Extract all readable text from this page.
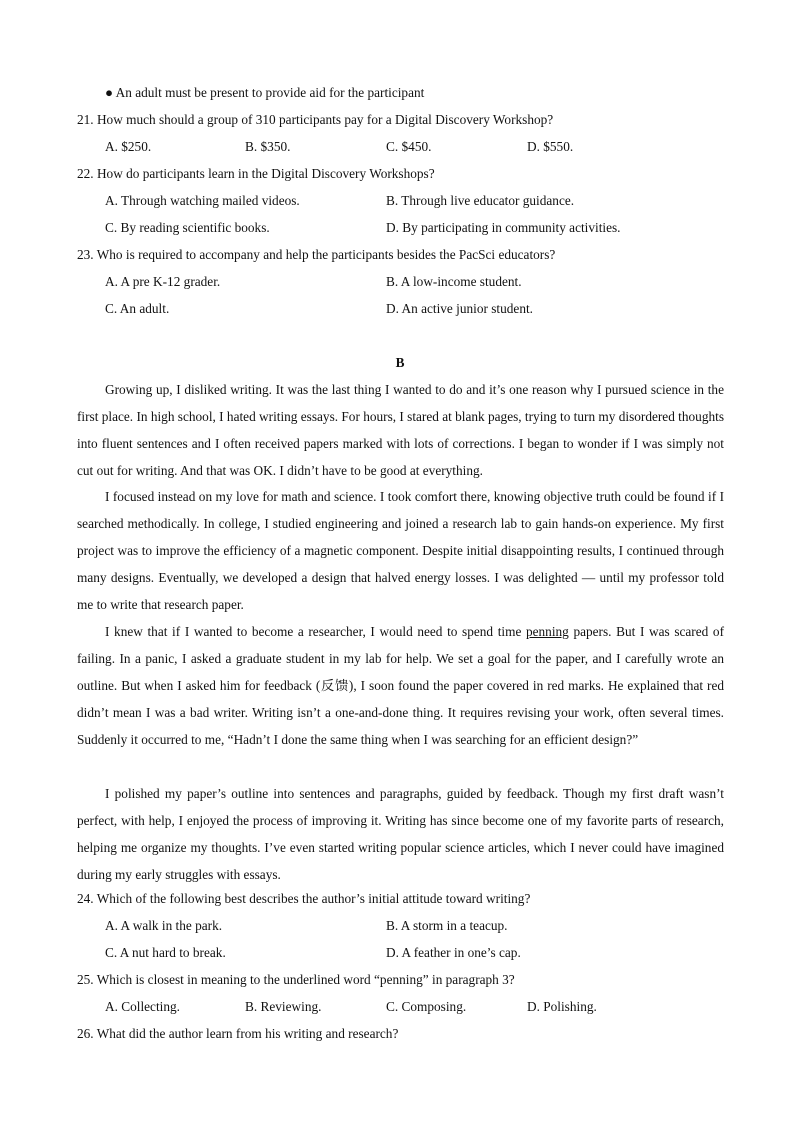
● An adult must be present to provide aid for the participant
21. How much should a group of 310 participants pay for a Digital Discovery Workshop?
A. $250.	B. $350.	C. $450.	D. $550.
22. How do participants learn in the Digital Discovery Workshops?
A. Through watching mailed videos.	B. Through live educator guidance.
C. By reading scientific books.	D. By participating in community activities.
23. Who is required to accompany and help the participants besides the PacSci educators?
A. A pre K-12 grader.	B. A low-income student.
C. An adult.	D. An active junior student.
B
Growing up, I disliked writing. It was the last thing I wanted to do and it’s one reason why I pursued science in the first place. In high school, I hated writing essays. For hours, I stared at blank pages, trying to turn my disordered thoughts into fluent sentences and I often received papers marked with lots of corrections. I began to wonder if I was simply not cut out for writing. And that was OK. I didn’t have to be good at everything.
I focused instead on my love for math and science. I took comfort there, knowing objective truth could be found if I searched methodically. In college, I studied engineering and joined a research lab to gain hands-on experience. My first project was to improve the efficiency of a magnetic component. Despite initial disappointing results, I continued through many designs. Eventually, we developed a design that halved energy losses. I was delighted — until my professor told me to write that research paper.
I knew that if I wanted to become a researcher, I would need to spend time penning papers. But I was scared of failing. In a panic, I asked a graduate student in my lab for help. We set a goal for the paper, and I carefully wrote an outline. But when I asked him for feedback (反馈), I soon found the paper covered in red marks. He explained that red didn’t mean I was a bad writer. Writing isn’t a one-and-done thing. It requires revising your work, often several times. Suddenly it occurred to me, “Hadn’t I done the same thing when I was searching for an efficient design?”
I polished my paper’s outline into sentences and paragraphs, guided by feedback. Though my first draft wasn’t perfect, with help, I enjoyed the process of improving it. Writing has since become one of my favorite parts of research, helping me organize my thoughts. I’ve even started writing popular science articles, which I never could have imagined during my early struggles with essays.
24. Which of the following best describes the author’s initial attitude toward writing?
A. A walk in the park.	B. A storm in a teacup.
C. A nut hard to break.	D. A feather in one’s cap.
25. Which is closest in meaning to the underlined word “penning” in paragraph 3?
A. Collecting.	B. Reviewing.	C. Composing.	D. Polishing.
26. What did the author learn from his writing and research?
